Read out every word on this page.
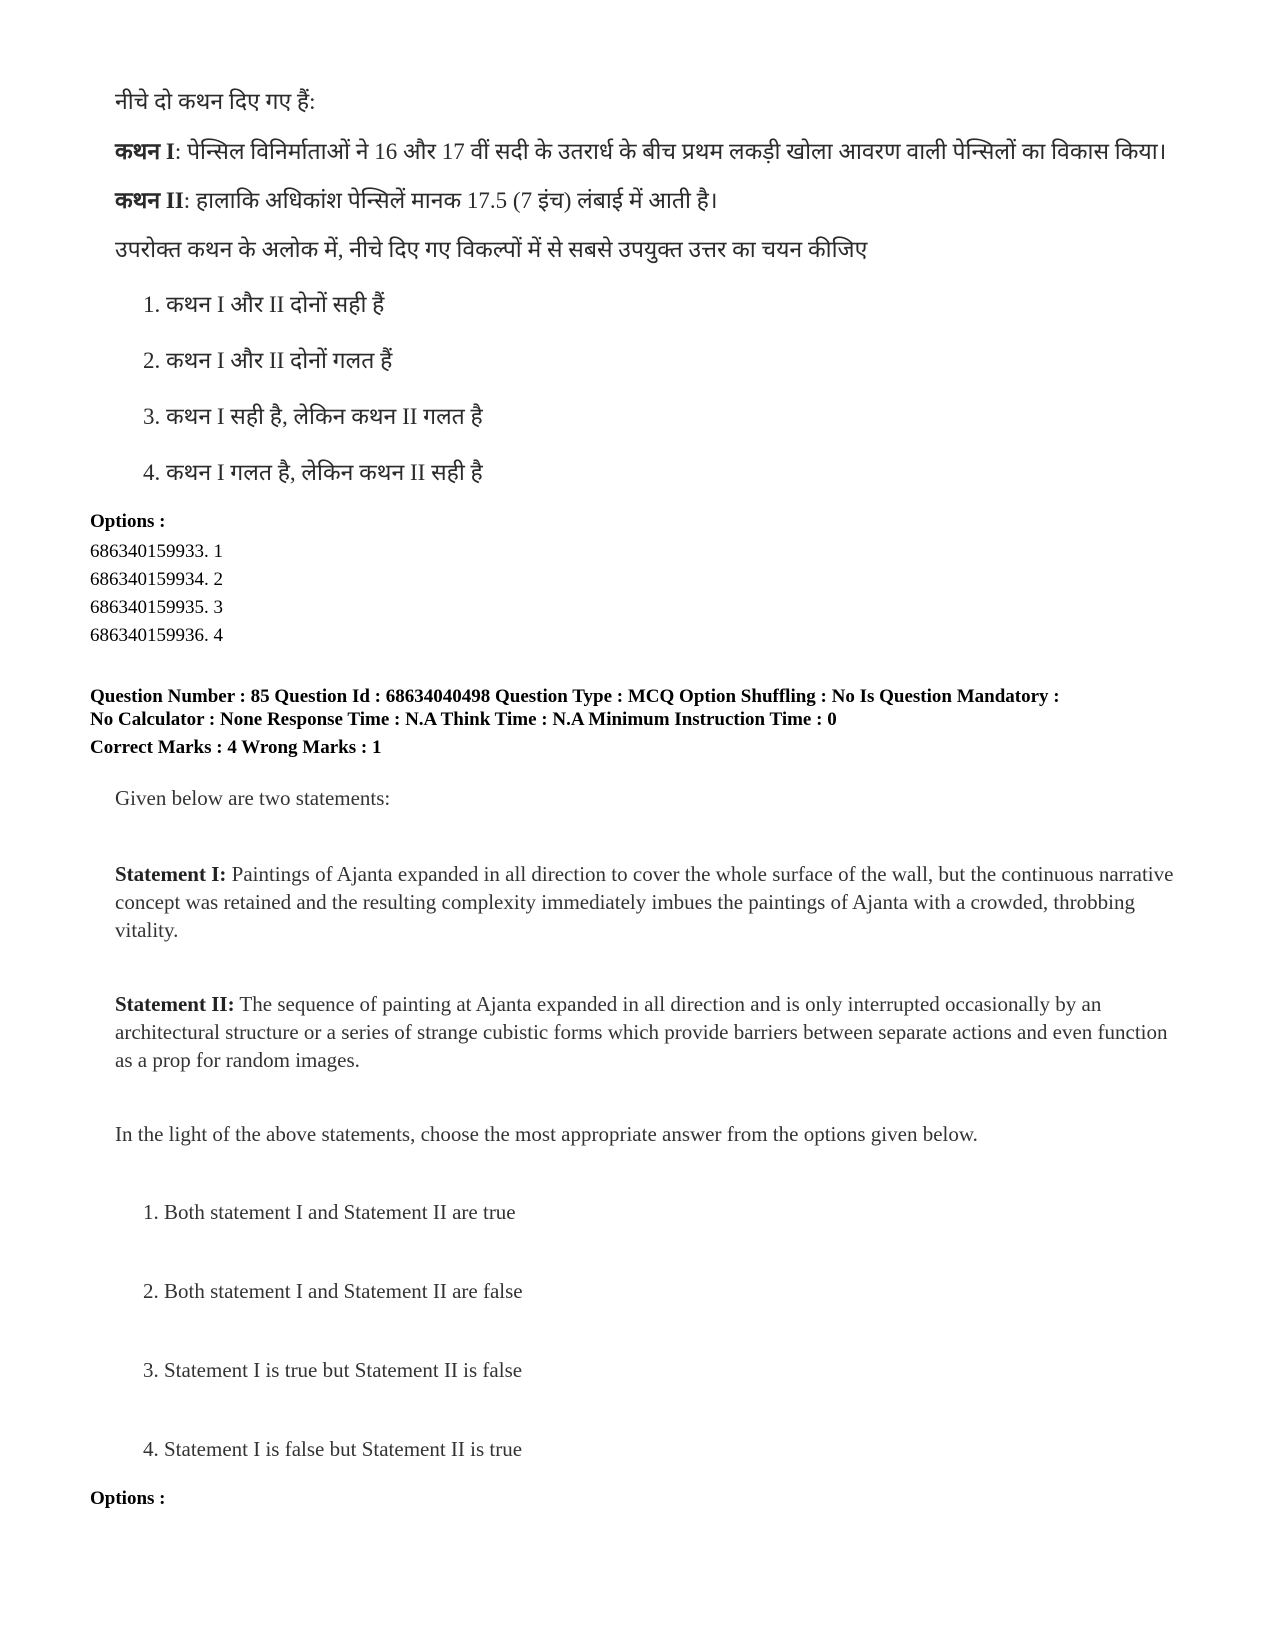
नीचे दो कथन दिए गए हैं:
कथन I: पेन्सिल विनिर्माताओं ने 16 और 17 वीं सदी के उतरार्ध के बीच प्रथम लकड़ी खोला आवरण वाली पेन्सिलों का विकास किया।
कथन II: हालाकि अधिकांश पेन्सिलें मानक 17.5 (7 इंच) लंबाई में आती है।
उपरोक्त कथन के अलोक में, नीचे दिए गए विकल्पों में से सबसे उपयुक्त उत्तर का चयन कीजिए
1. कथन I और II दोनों सही हैं
2. कथन I और II दोनों गलत हैं
3. कथन I सही है, लेकिन कथन II गलत है
4. कथन I गलत है, लेकिन कथन II सही है
Options :
686340159933. 1
686340159934. 2
686340159935. 3
686340159936. 4
Question Number : 85 Question Id : 68634040498 Question Type : MCQ Option Shuffling : No Is Question Mandatory :
No Calculator : None Response Time : N.A Think Time : N.A Minimum Instruction Time : 0
Correct Marks : 4 Wrong Marks : 1
Given below are two statements:
Statement I: Paintings of Ajanta expanded in all direction to cover the whole surface of the wall, but the continuous narrative concept was retained and the resulting complexity immediately imbues the paintings of Ajanta with a crowded, throbbing vitality.
Statement II: The sequence of painting at Ajanta expanded in all direction and is only interrupted occasionally by an architectural structure or a series of strange cubistic forms which provide barriers between separate actions and even function as a prop for random images.
In the light of the above statements, choose the most appropriate answer from the options given below.
1. Both statement I and Statement II are true
2. Both statement I and Statement II are false
3. Statement I is true but Statement II is false
4. Statement I is false but Statement II is true
Options :
